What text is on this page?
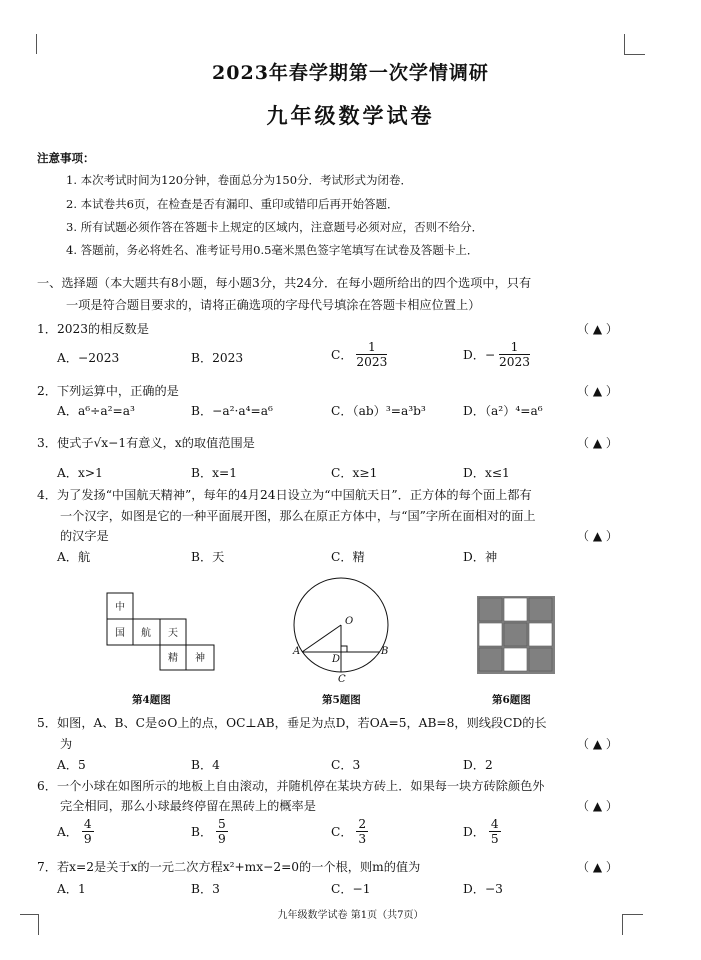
2023年春学期第一次学情调研
九年级数学试卷
注意事项：
1. 本次考试时间为120分钟，卷面总分为150分．考试形式为闭卷．
2. 本试卷共6页，在检查是否有漏印、重印或错印后再开始答题．
3. 所有试题必须作答在答题卡上规定的区域内，注意题号必须对应，否则不给分．
4. 答题前，务必将姓名、准考证号用0.5毫米黑色签字笔填写在试卷及答题卡上．
一、选择题（本大题共有8小题，每小题3分，共24分．在每小题所给出的四个选项中，只有
一项是符合题目要求的，请将正确选项的字母代号填涂在答题卡相应位置上）
1．2023的相反数是	（ ▲ ）
A．−2023	B．2023	C． $\frac{1}{2023}$	D．− $\frac{1}{2023}$
2．下列运算中，正确的是	（ ▲ ）
A．a⁶÷a²=a³	B．−a²·a⁴=a⁶	C．（ab）³=a³b³	D．（a²）⁴=a⁶
3．使式子√x−1有意义，x的取值范围是	（ ▲ ）
A．x>1	B．x=1	C．x≥1	D．x≤1
4．为了发扬“中国航天精神”，每年的4月24日设立为“中国航天日”．正方体的每个面上都有
一个汉字，如图是它的一种平面展开图，那么在原正方体中，与“国”字所在面相对的面上
的汉字是	（ ▲ ）
A．航	B．天	C．精	D．神
中
国 航 天
精 神
第4题图
O
A	B
C
D
第5题图	第6题图
5．如图，A、B、C是⊙O上的点，OC⊥AB，垂足为点D，若OA=5，AB=8，则线段CD的长
为	（ ▲ ）
A．5	B．4	C．3	D．2
6．一个小球在如图所示的地板上自由滚动，并随机停在某块方砖上．如果每一块方砖除颜色外
完全相同，那么小球最终停留在黑砖上的概率是	（ ▲ ）
A． $\frac{4}{9}$	B． $\frac{5}{9}$	C． $\frac{2}{3}$	D． $\frac{4}{5}$
7．若x=2是关于x的一元二次方程x²+mx−2=0的一个根，则m的值为	（ ▲ ）
A．1	B．3	C．−1	D．−3
九年级数学试卷 第1页（共7页）
